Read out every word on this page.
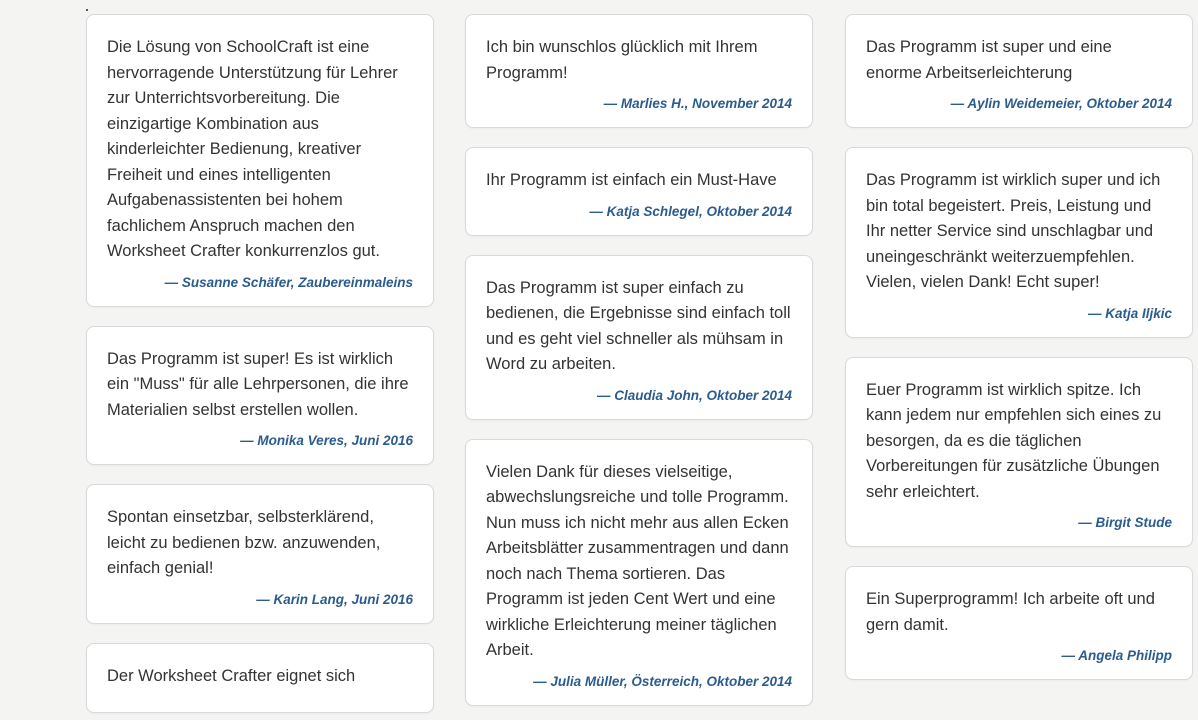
Die Lösung von SchoolCraft ist eine hervorragende Unterstützung für Lehrer zur Unterrichtsvorbereitung. Die einzigartige Kombination aus kinderleichter Bedienung, kreativer Freiheit und eines intelligenten Aufgabenassistenten bei hohem fachlichem Anspruch machen den Worksheet Crafter konkurrenzlos gut.

— Susanne Schäfer, Zaubereinmaleins

Das Programm ist super! Es ist wirklich ein "Muss" für alle Lehrpersonen, die ihre Materialien selbst erstellen wollen.

— Monika Veres, Juni 2016

Spontan einsetzbar, selbsterklärend, leicht zu bedienen bzw. anzuwenden, einfach genial!

— Karin Lang, Juni 2016

Der Worksheet Crafter eignet sich

Ich bin wunschlos glücklich mit Ihrem Programm!

— Marlies H., November 2014

Ihr Programm ist einfach ein Must-Have

— Katja Schlegel, Oktober 2014

Das Programm ist super einfach zu bedienen, die Ergebnisse sind einfach toll und es geht viel schneller als mühsam in Word zu arbeiten.

— Claudia John, Oktober 2014

Vielen Dank für dieses vielseitige, abwechslungsreiche und tolle Programm. Nun muss ich nicht mehr aus allen Ecken Arbeitsblätter zusammentragen und dann noch nach Thema sortieren. Das Programm ist jeden Cent Wert und eine wirkliche Erleichterung meiner täglichen Arbeit.

— Julia Müller, Österreich, Oktober 2014

Das Programm ist super und eine enorme Arbeitserleichterung

— Aylin Weidemeier, Oktober 2014

Das Programm ist wirklich super und ich bin total begeistert. Preis, Leistung und Ihr netter Service sind unschlagbar und uneingeschränkt weiterzuempfehlen. Vielen, vielen Dank! Echt super!

— Katja Iljkic

Euer Programm ist wirklich spitze. Ich kann jedem nur empfehlen sich eines zu besorgen, da es die täglichen Vorbereitungen für zusätzliche Übungen sehr erleichtert.

— Birgit Stude

Ein Superprogramm! Ich arbeite oft und gern damit.

— Angela Philipp
